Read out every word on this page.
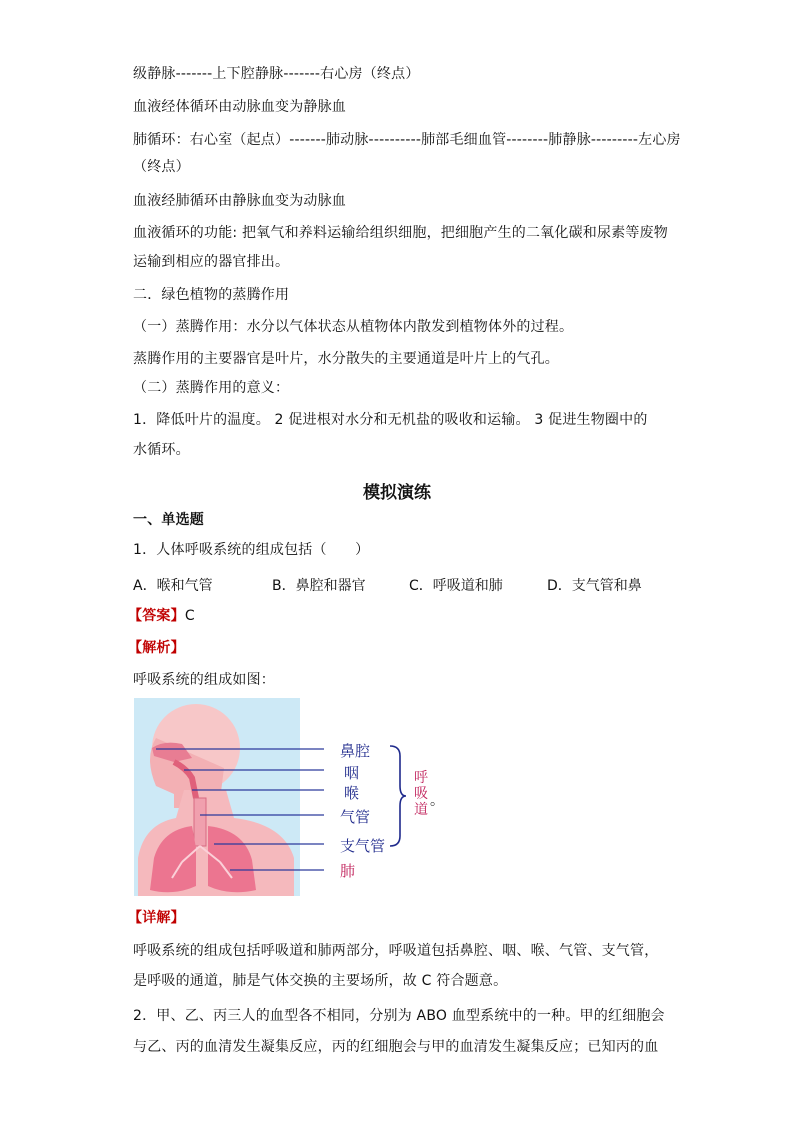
级静脉-------上下腔静脉-------右心房（终点）
血液经体循环由动脉血变为静脉血
肺循环：右心室（起点）-------肺动脉----------肺部毛细血管--------肺静脉---------左心房
（终点）
血液经肺循环由静脉血变为动脉血
血液循环的功能: 把氧气和养料运输给组织细胞，把细胞产生的二氧化碳和尿素等废物
运输到相应的器官排出。
二．绿色植物的蒸腾作用
（一）蒸腾作用：水分以气体状态从植物体内散发到植物体外的过程。
蒸腾作用的主要器官是叶片，水分散失的主要通道是叶片上的气孔。
（二）蒸腾作用的意义：
1．降低叶片的温度。 2 促进根对水分和无机盐的吸收和运输。 3 促进生物圈中的
水循环。
模拟演练
一、单选题
1．人体呼吸系统的组成包括（　　）
A．喉和气管	B．鼻腔和器官	C．呼吸道和肺	D．支气管和鼻
【答案】C
【解析】
呼吸系统的组成如图：
鼻腔
咽
喉
气管
支气管
肺
呼
吸
道
。
【详解】
呼吸系统的组成包括呼吸道和肺两部分，呼吸道包括鼻腔、咽、喉、气管、支气管，
是呼吸的通道，肺是气体交换的主要场所，故 C 符合题意。
2．甲、乙、丙三人的血型各不相同，分别为 ABO 血型系统中的一种。甲的红细胞会
与乙、丙的血清发生凝集反应，丙的红细胞会与甲的血清发生凝集反应；已知丙的血
